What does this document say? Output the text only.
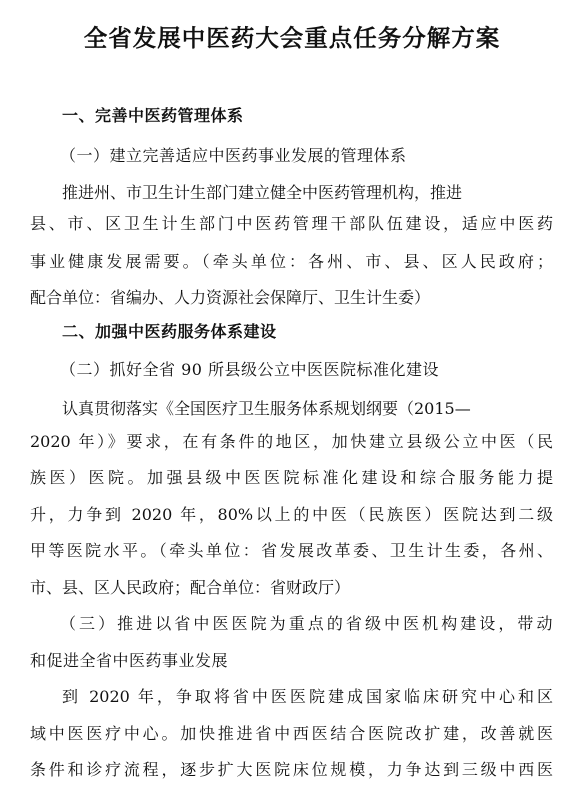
全省发展中医药大会重点任务分解方案
一、完善中医药管理体系
（一）建立完善适应中医药事业发展的管理体系
推进州、市卫生计生部门建立健全中医药管理机构，推进
县、市、区卫生计生部门中医药管理干部队伍建设，适应中医药
事业健康发展需要。（牵头单位：各州、市、县、区人民政府；
配合单位：省编办、人力资源社会保障厅、卫生计生委）
二、加强中医药服务体系建设
（二）抓好全省 90 所县级公立中医医院标准化建设
认真贯彻落实《全国医疗卫生服务体系规划纲要（2015—
2020 年）》要求，在有条件的地区，加快建立县级公立中医（民
族医）医院。加强县级中医医院标准化建设和综合服务能力提
升，力争到 2020 年，80%以上的中医（民族医）医院达到二级
甲等医院水平。（牵头单位：省发展改革委、卫生计生委，各州、
市、县、区人民政府；配合单位：省财政厅）
（三）推进以省中医医院为重点的省级中医机构建设，带动
和促进全省中医药事业发展
到 2020 年，争取将省中医医院建成国家临床研究中心和区
域中医医疗中心。加快推进省中西医结合医院改扩建，改善就医
条件和诊疗流程，逐步扩大医院床位规模，力争达到三级中西医
